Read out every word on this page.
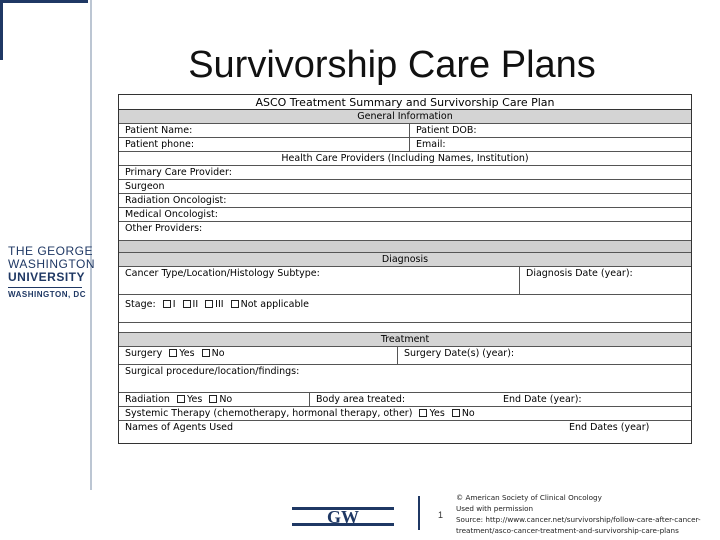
THE GEORGE
WASHINGTON
UNIVERSITY
WASHINGTON, DC
Survivorship Care Plans
ASCO Treatment Summary and Survivorship Care Plan
General Information
Patient Name:	Patient DOB:
Patient phone:	Email:
Health Care Providers (Including Names, Institution)
Primary Care Provider:
Surgeon
Radiation Oncologist:
Medical Oncologist:
Other Providers:
Diagnosis
Cancer Type/Location/Histology Subtype:	Diagnosis Date (year):
Stage: I II III Not applicable
Treatment
Surgery Yes No	Surgery Date(s) (year):
Surgical procedure/location/findings:
Radiation Yes No	Body area treated:	End Date (year):
Systemic Therapy (chemotherapy, hormonal therapy, other) Yes No
Names of Agents Used	End Dates (year)
GW	1
© American Society of Clinical Oncology
Used with permission
Source: http://www.cancer.net/survivorship/follow-care-after-cancer-
treatment/asco-cancer-treatment-and-survivorship-care-plans
